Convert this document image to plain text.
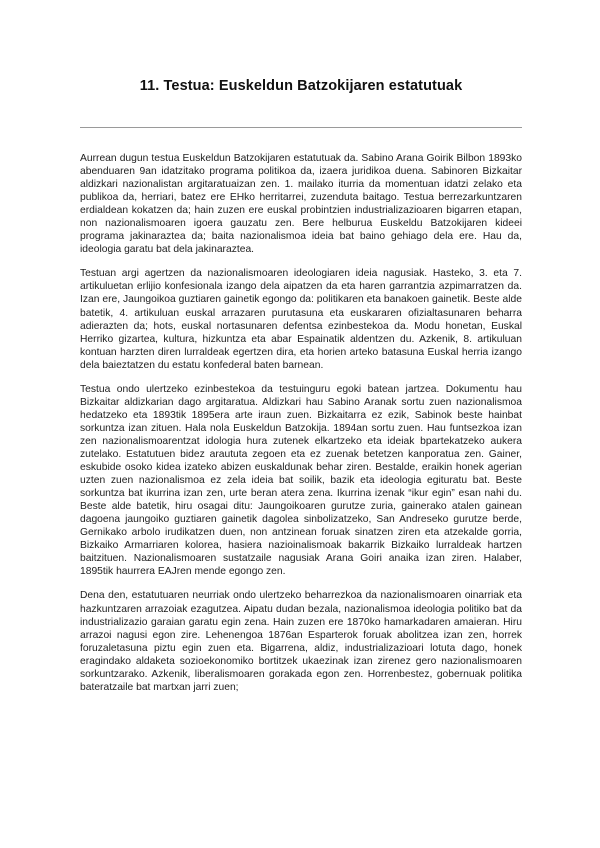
11. Testua: Euskeldun Batzokijaren estatutuak

Aurrean dugun testua Euskeldun Batzokijaren estatutuak da. Sabino Arana Goirik Bilbon 1893ko abenduaren 9an idatzitako programa politikoa da, izaera juridikoa duena. Sabinoren Bizkaitar aldizkari nazionalistan argitaratuaizan zen. 1. mailako iturria da momentuan idatzi zelako eta publikoa da, herriari, batez ere EHko herritarrei, zuzenduta baitago. Testua berrezarkuntzaren erdialdean kokatzen da; hain zuzen ere euskal probintzien industrializazioaren bigarren etapan, non nazionalismoaren igoera gauzatu zen. Bere helburua Euskeldu Batzokijaren kideei programa jakinaraztea da; baita nazionalismoa ideia bat baino gehiago dela ere. Hau da, ideologia garatu bat dela jakinaraztea.

Testuan argi agertzen da nazionalismoaren ideologiaren ideia nagusiak. Hasteko, 3. eta 7. artikuluetan erlijio konfesionala izango dela aipatzen da eta haren garrantzia azpimarratzen da. Izan ere, Jaungoikoa guztiaren gainetik egongo da: politikaren eta banakoen gainetik. Beste alde batetik, 4. artikuluan euskal arrazaren purutasuna eta euskararen ofizialtasunaren beharra adierazten da; hots, euskal nortasunaren defentsa ezinbestekoa da. Modu honetan, Euskal Herriko gizartea, kultura, hizkuntza eta abar Espainatik aldentzen du. Azkenik, 8. artikuluan kontuan harzten diren lurraldeak egertzen dira, eta horien arteko batasuna Euskal herria izango dela baieztatzen du estatu konfederal baten barnean.

Testua ondo ulertzeko ezinbestekoa da testuinguru egoki batean jartzea. Dokumentu hau Bizkaitar aldizkarian dago argitaratua. Aldizkari hau Sabino Aranak sortu zuen nazionalismoa hedatzeko eta 1893tik 1895era arte iraun zuen. Bizkaitarra ez ezik, Sabinok beste hainbat sorkuntza izan zituen. Hala nola Euskeldun Batzokija. 1894an sortu zuen. Hau funtsezkoa izan zen nazionalismoarentzat idologia hura zutenek elkartzeko eta ideiak bpartekatzeko aukera zutelako. Estatutuen bidez araututa zegoen eta ez zuenak betetzen kanporatua zen. Gainer, eskubide osoko kidea izateko abizen euskaldunak behar ziren. Bestalde, eraikin honek agerian uzten zuen nazionalismoa ez zela ideia bat soilik, bazik eta ideologia egituratu bat. Beste sorkuntza bat ikurrina izan zen, urte beran atera zena. Ikurrina izenak “ikur egin” esan nahi du. Beste alde batetik, hiru osagai ditu: Jaungoikoaren gurutze zuria, gainerako atalen gainean dagoena jaungoiko guztiaren gainetik dagolea sinbolizatzeko, San Andreseko gurutze berde, Gernikako arbolo irudikatzen duen, non antzinean foruak sinatzen ziren eta atzekalde gorria, Bizkaiko Armarriaren kolorea, hasiera nazioinalismoak bakarrik Bizkaiko lurraldeak hartzen baitzituen. Nazionalismoaren sustatzaile nagusiak Arana Goiri anaika izan ziren. Halaber, 1895tik haurrera EAJren mende egongo zen.

Dena den, estatutuaren neurriak ondo ulertzeko beharrezkoa da nazionalismoaren oinarriak eta hazkuntzaren arrazoiak ezagutzea. Aipatu dudan bezala, nazionalismoa ideologia politiko bat da industrializazio garaian garatu egin zena. Hain zuzen ere 1870ko hamarkadaren amaieran. Hiru arrazoi nagusi egon zire. Lehenengoa 1876an Esparterok foruak abolitzea izan zen, horrek foruzaletasuna piztu egin zuen eta. Bigarrena, aldiz, industrializazioari lotuta dago, honek eragindako aldaketa sozioekonomiko bortitzek ukaezinak izan zirenez gero nazionalismoaren sorkuntzarako. Azkenik, liberalismoaren gorakada egon zen. Horrenbestez, gobernuak politika bateratzaile bat martxan jarri zuen;
